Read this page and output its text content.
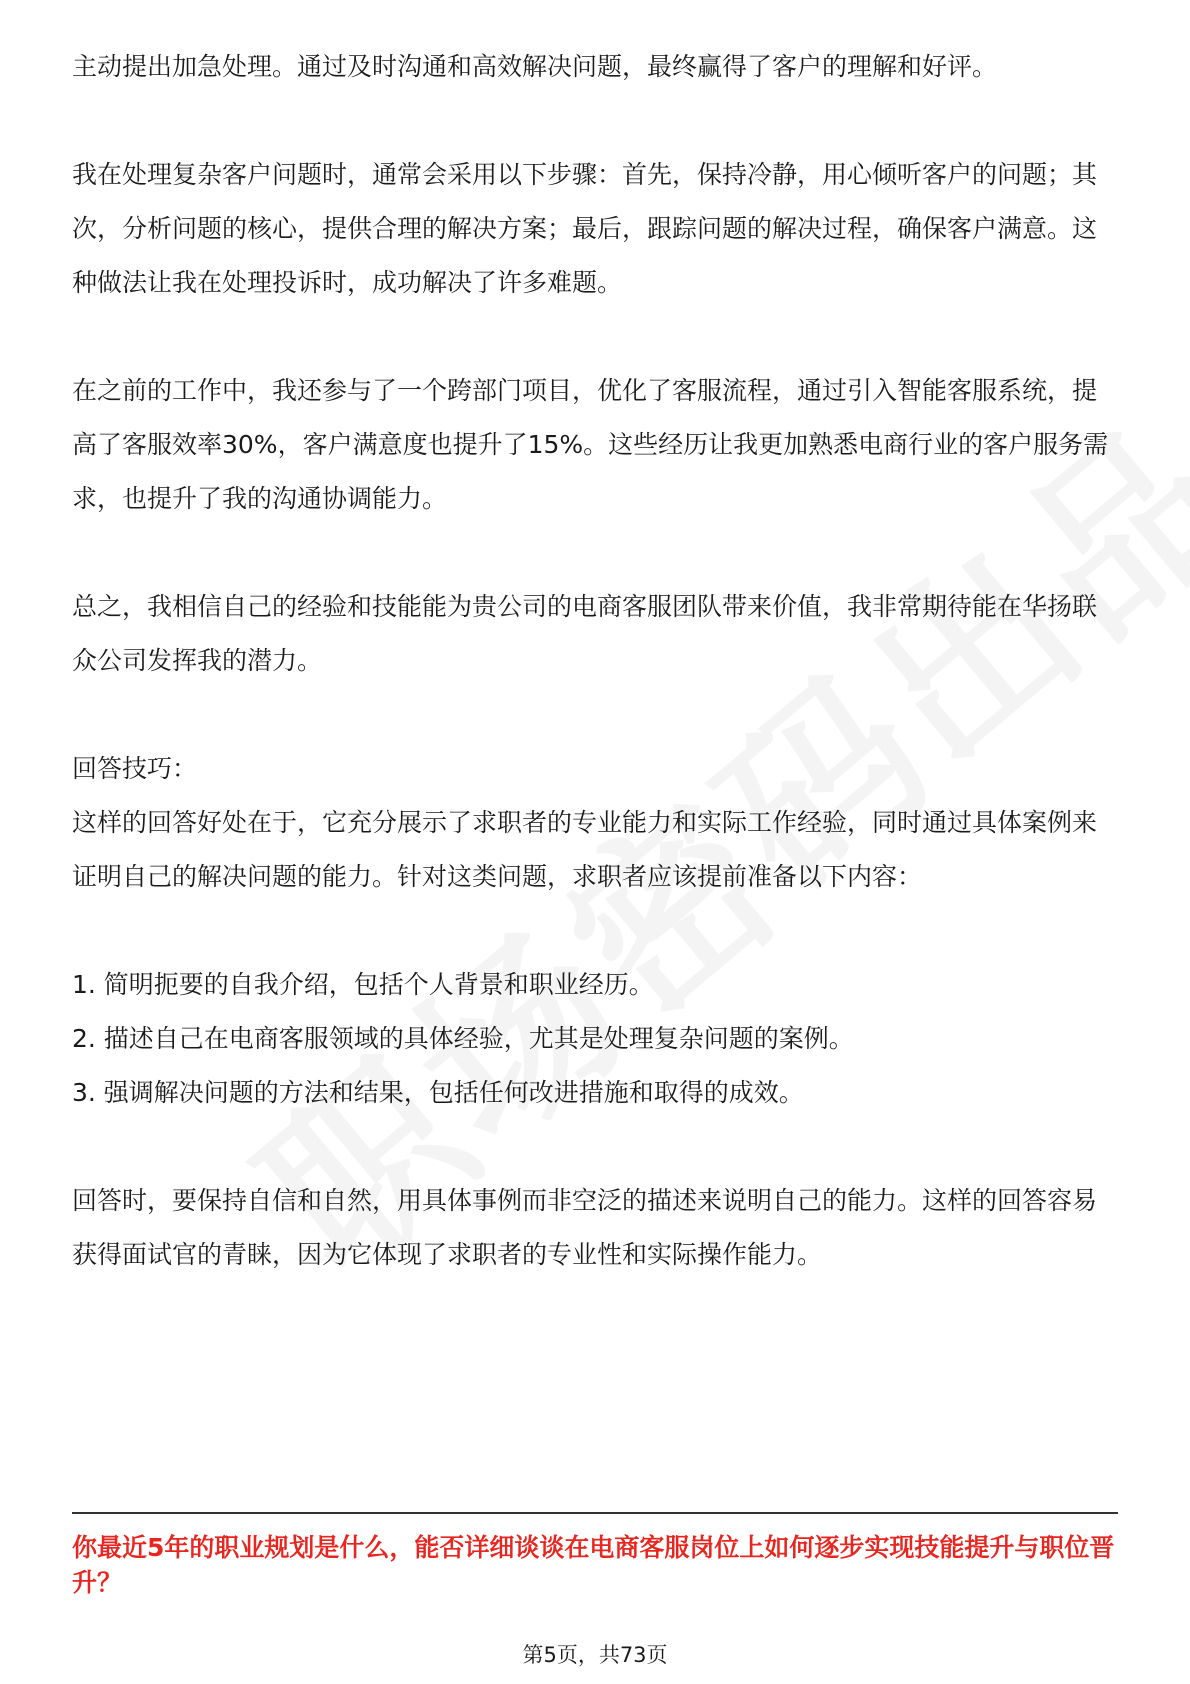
主动提出加急处理。通过及时沟通和高效解决问题，最终赢得了客户的理解和好评。

我在处理复杂客户问题时，通常会采用以下步骤：首先，保持冷静，用心倾听客户的问题；其次，分析问题的核心，提供合理的解决方案；最后，跟踪问题的解决过程，确保客户满意。这种做法让我在处理投诉时，成功解决了许多难题。

在之前的工作中，我还参与了一个跨部门项目，优化了客服流程，通过引入智能客服系统，提高了客服效率30%，客户满意度也提升了15%。这些经历让我更加熟悉电商行业的客户服务需求，也提升了我的沟通协调能力。

总之，我相信自己的经验和技能能为贵公司的电商客服团队带来价值，我非常期待能在华扬联众公司发挥我的潜力。

回答技巧：

这样的回答好处在于，它充分展示了求职者的专业能力和实际工作经验，同时通过具体案例来证明自己的解决问题的能力。针对这类问题，求职者应该提前准备以下内容：

1. 简明扼要的自我介绍，包括个人背景和职业经历。

2. 描述自己在电商客服领域的具体经验，尤其是处理复杂问题的案例。

3. 强调解决问题的方法和结果，包括任何改进措施和取得的成效。

回答时，要保持自信和自然，用具体事例而非空泛的描述来说明自己的能力。这样的回答容易获得面试官的青睐，因为它体现了求职者的专业性和实际操作能力。

你最近5年的职业规划是什么，能否详细谈谈在电商客服岗位上如何逐步实现技能提升与职位晋升？

第5页，共73页
